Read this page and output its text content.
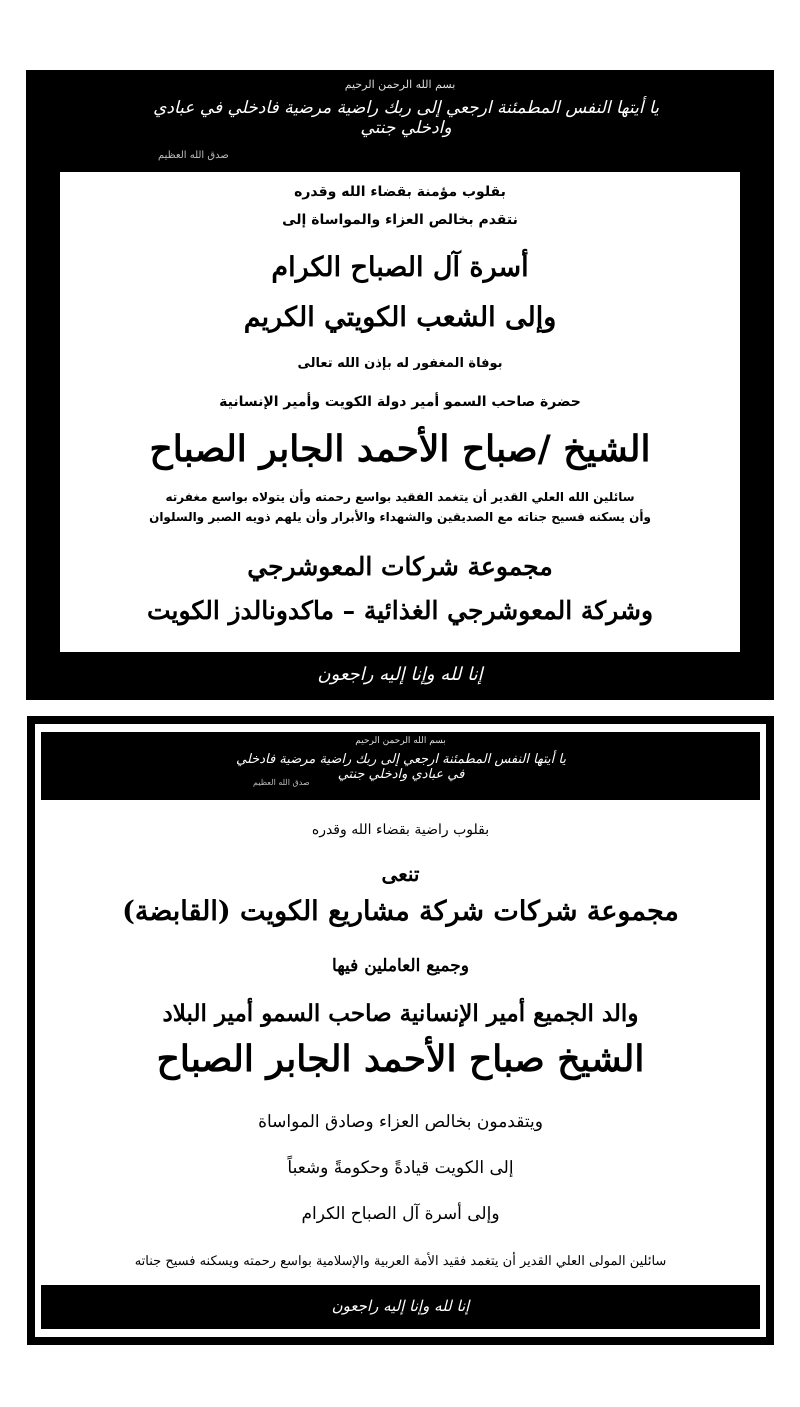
بسم الله الرحمن الرحيم
يا أيتها النفس المطمئنة ارجعي إلى ربك راضية مرضية فادخلي في عبادي وادخلي جنتي
صدق الله العظيم
بقلوب مؤمنة بقضاء الله وقدره
نتقدم بخالص العزاء والمواساة إلى
أسرة آل الصباح الكرام
وإلى الشعب الكويتي الكريم
بوفاة المغفور له بإذن الله تعالى
حضرة صاحب السمو أمير دولة الكويت وأمير الإنسانية
الشيخ /صباح الأحمد الجابر الصباح
سائلين الله العلي القدير أن يتغمد الفقيد بواسع رحمته وأن يتولاه بواسع مغفرته
وأن يسكنه فسيح جناته مع الصديقين والشهداء والأبرار وأن يلهم ذويه الصبر والسلوان
مجموعة شركات المعوشرجي
وشركة المعوشرجي الغذائية – ماكدونالدز الكويت
إنا لله وإنا إليه راجعون
بسم الله الرحمن الرحيم
يا أيتها النفس المطمئنة ارجعي إلى ربك راضية مرضية فادخلي في عبادي وادخلي جنتي
صدق الله العظيم
بقلوب راضية بقضاء الله وقدره
تنعى
مجموعة شركات شركة مشاريع الكويت (القابضة)
وجميع العاملين فيها
والد الجميع أمير الإنسانية صاحب السمو أمير البلاد
الشيخ صباح الأحمد الجابر الصباح
ويتقدمون بخالص العزاء وصادق المواساة
إلى الكويت قيادةً وحكومةً وشعباً
وإلى أسرة آل الصباح الكرام
سائلين المولى العلي القدير أن يتغمد فقيد الأمة العربية والإسلامية بواسع رحمته ويسكنه فسيح جناته
إنا لله وإنا إليه راجعون
